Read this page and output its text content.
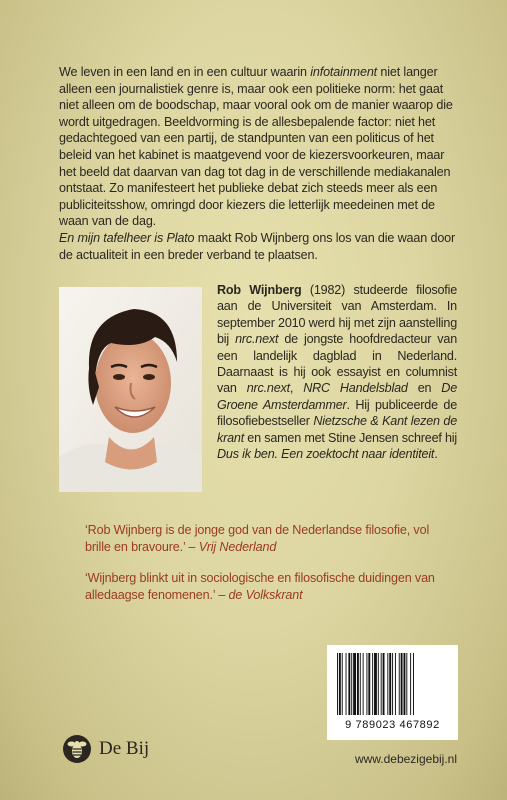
We leven in een land en in een cultuur waarin infotainment niet langer alleen een journalistiek genre is, maar ook een politieke norm: het gaat niet alleen om de boodschap, maar vooral ook om de manier waarop die wordt uitgedragen. Beeldvorming is de allesbepalende factor: niet het gedachtegoed van een partij, de standpunten van een politicus of het beleid van het kabinet is maatgevend voor de kiezersvoorkeuren, maar het beeld dat daarvan van dag tot dag in de verschillende mediakanalen ontstaat. Zo manifesteert het publieke debat zich steeds meer als een publiciteitsshow, omringd door kiezers die letterlijk meedeinen met de waan van de dag.

En mijn tafelheer is Plato maakt Rob Wijnberg ons los van die waan door de actualiteit in een breder verband te plaatsen.

Rob Wijnberg (1982) studeerde filosofie aan de Universiteit van Amsterdam. In september 2010 werd hij met zijn aanstelling bij nrc.next de jongste hoofdredacteur van een landelijk dagblad in Nederland. Daarnaast is hij ook essayist en columnist van nrc.next, NRC Handelsblad en De Groene Amsterdammer. Hij publiceerde de filosofiebestseller Nietzsche & Kant lezen de krant en samen met Stine Jensen schreef hij Dus ik ben. Een zoektocht naar identiteit.

‘Rob Wijnberg is de jonge god van de Nederlandse filosofie, vol brille en bravoure.’ – Vrij Nederland

‘Wijnberg blinkt uit in sociologische en filosofische duidingen van alledaagse fenomenen.’ – de Volkskrant

9 789023 467892
De Bij	www.debezigebij.nl
